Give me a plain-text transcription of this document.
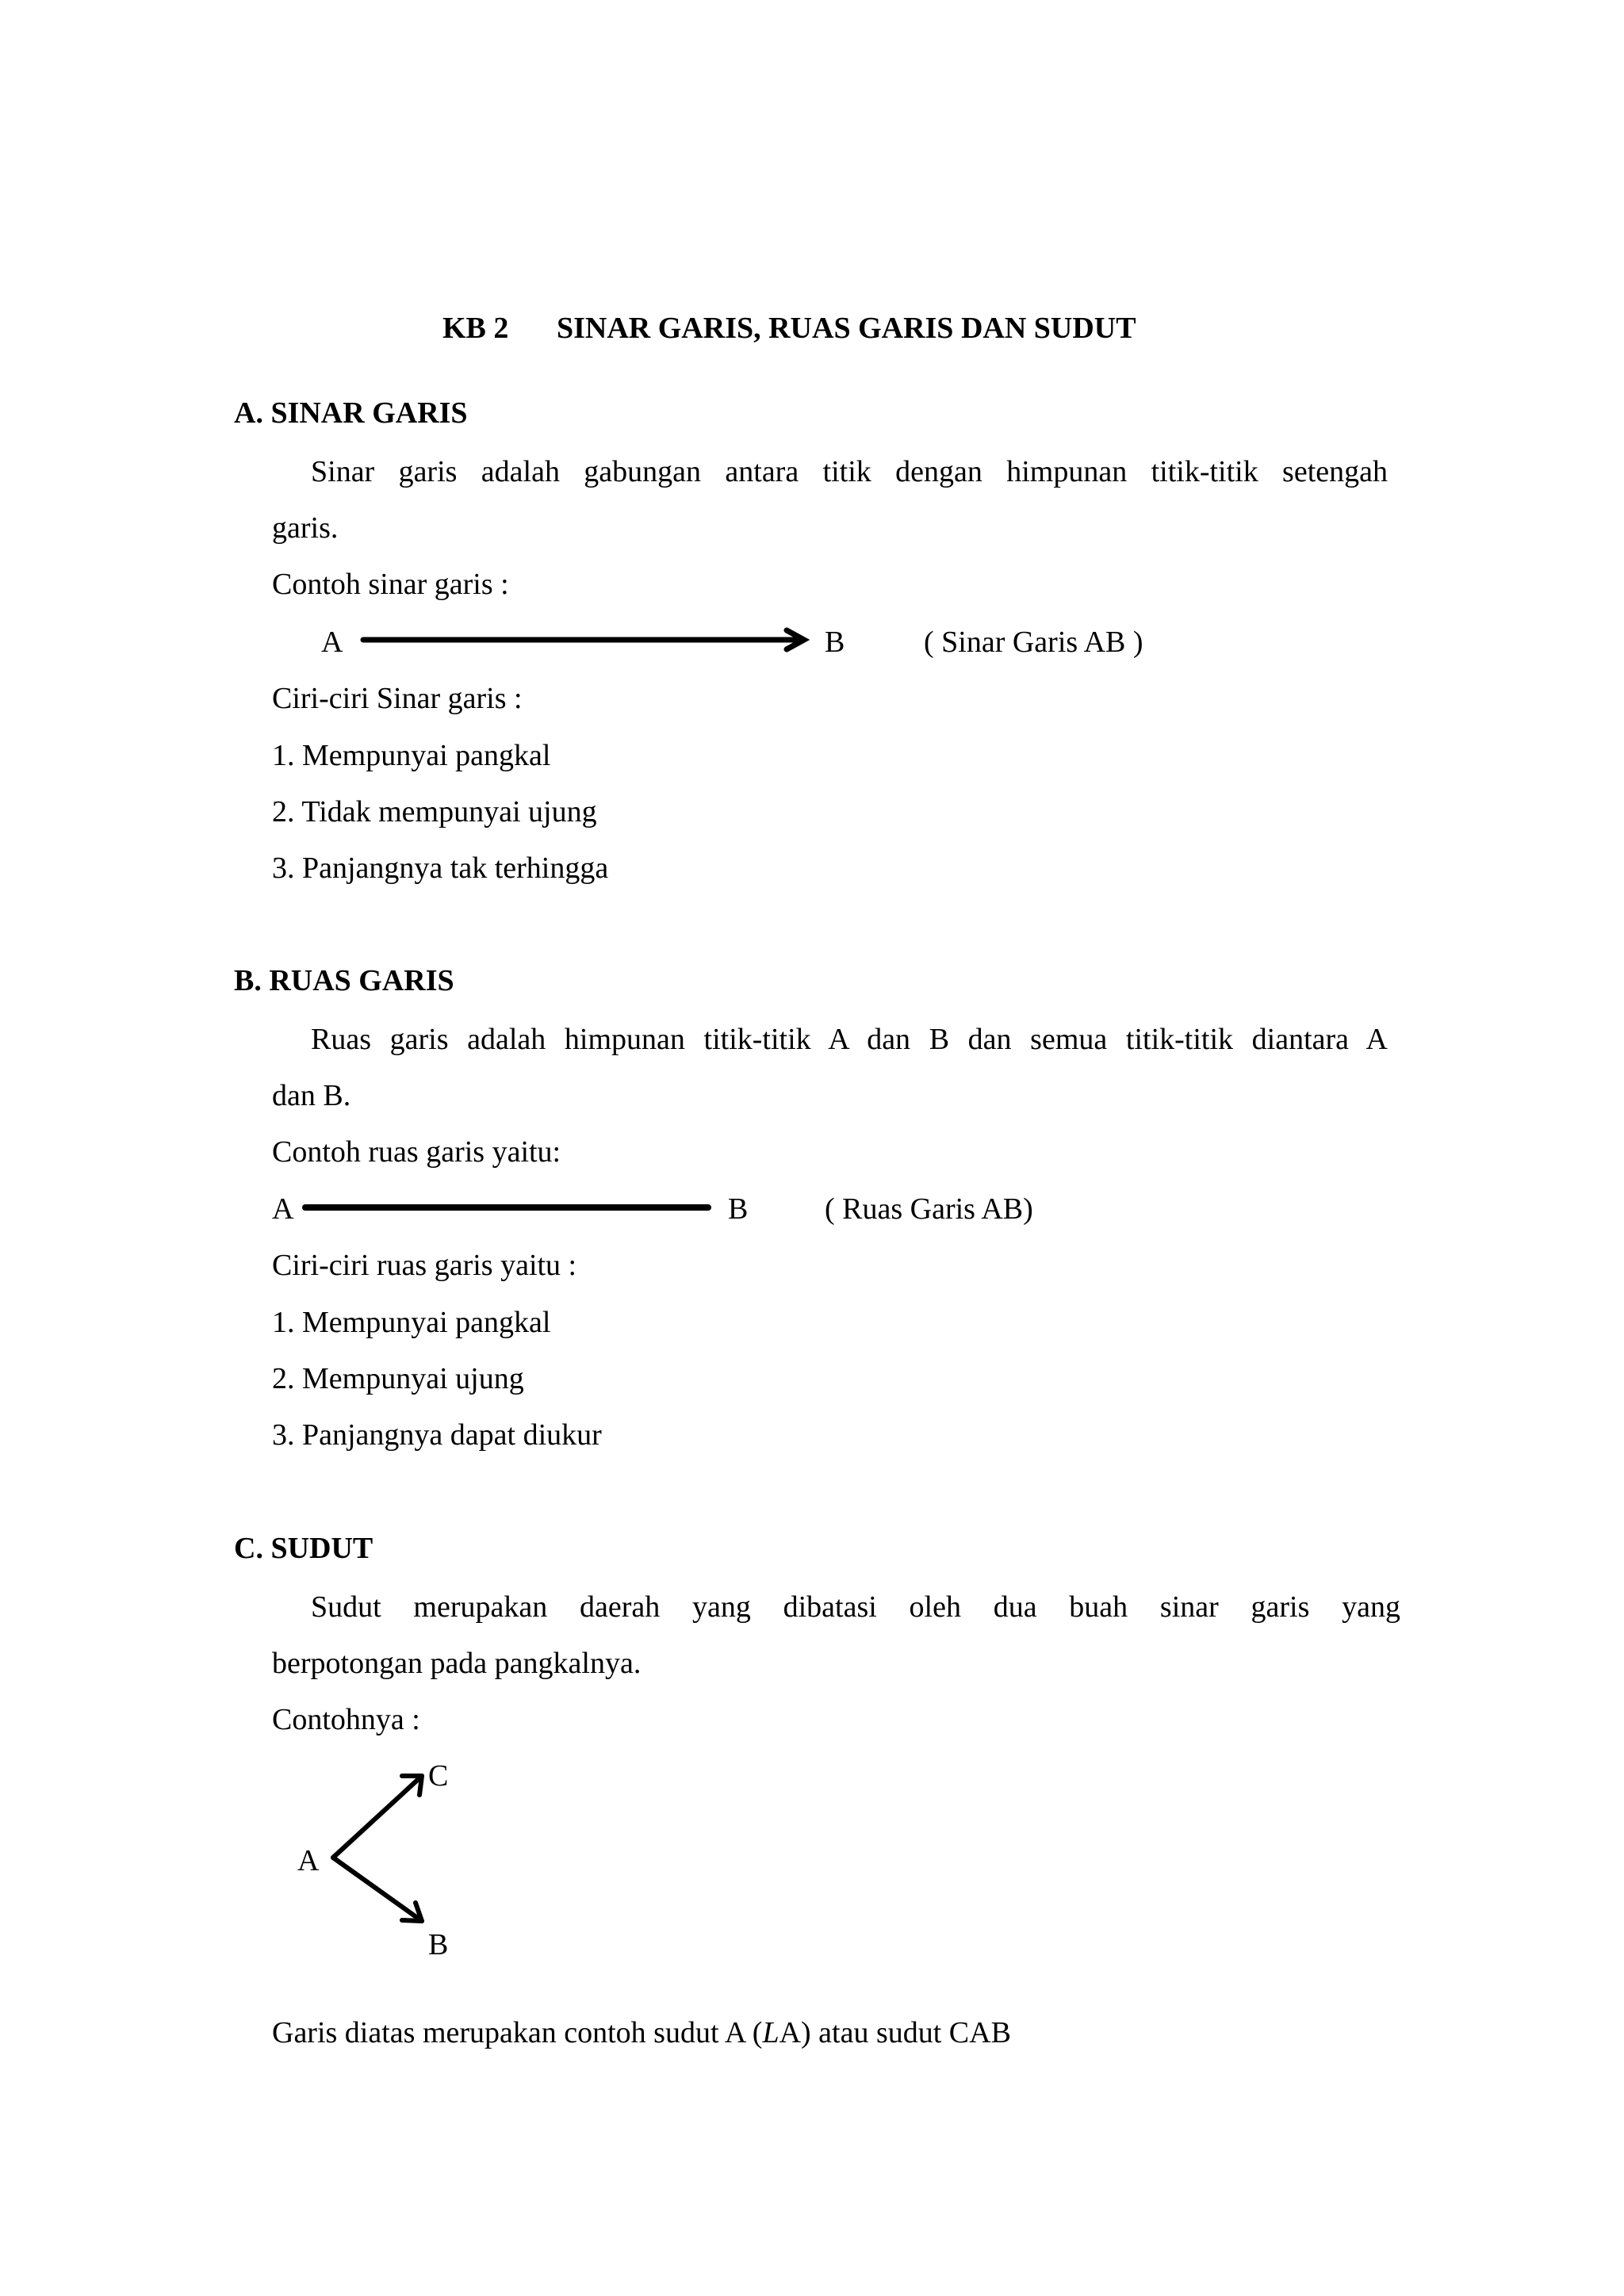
KB 2 SINAR GARIS, RUAS GARIS DAN SUDUT
A. SINAR GARIS
Sinar garis adalah gabungan antara titik dengan himpunan titik-titik setengah
garis.
Contoh sinar garis :
A	B	( Sinar Garis AB )
Ciri-ciri Sinar garis :
1. Mempunyai pangkal
2. Tidak mempunyai ujung
3. Panjangnya tak terhingga
B. RUAS GARIS
Ruas garis adalah himpunan titik-titik A dan B dan semua titik-titik diantara A
dan B.
Contoh ruas garis yaitu:
A	B	( Ruas Garis AB)
Ciri-ciri ruas garis yaitu :
1. Mempunyai pangkal
2. Mempunyai ujung
3. Panjangnya dapat diukur
C. SUDUT
Sudut merupakan daerah yang dibatasi oleh dua buah sinar garis yang
berpotongan pada pangkalnya.
Contohnya :
C
A
B
Garis diatas merupakan contoh sudut A (LA) atau sudut CAB
